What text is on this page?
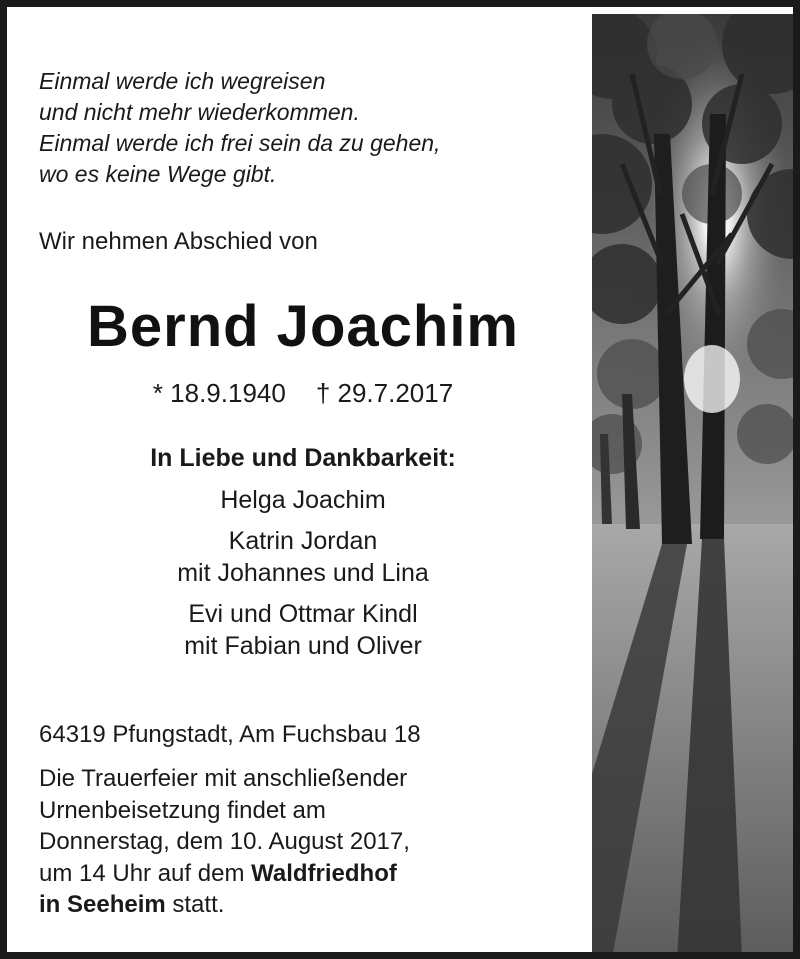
Einmal werde ich wegreisen
und nicht mehr wiederkommen.
Einmal werde ich frei sein da zu gehen,
wo es keine Wege gibt.
Wir nehmen Abschied von
Bernd Joachim
* 18.9.1940 † 29.7.2017
In Liebe und Dankbarkeit:
Helga Joachim
Katrin Jordan
mit Johannes und Lina
Evi und Ottmar Kindl
mit Fabian und Oliver
64319 Pfungstadt, Am Fuchsbau 18
Die Trauerfeier mit anschließender
Urnenbeisetzung findet am
Donnerstag, dem 10. August 2017,
um 14 Uhr auf dem Waldfriedhof
in Seeheim statt.
